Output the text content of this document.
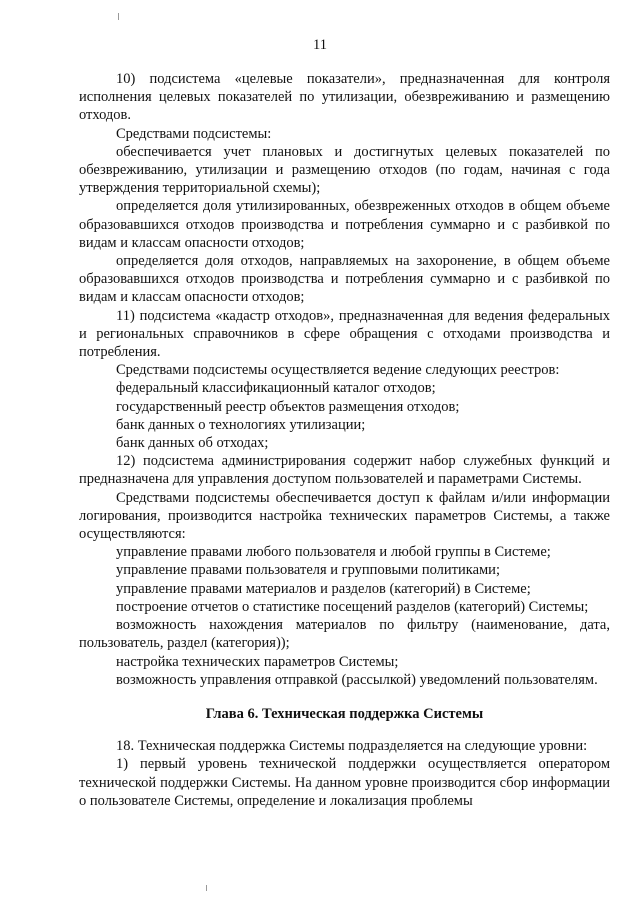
11

10) подсистема «целевые показатели», предназначенная для контроля исполнения целевых показателей по утилизации, обезвреживанию и размещению отходов.

Средствами подсистемы:

обеспечивается учет плановых и достигнутых целевых показателей по обезвреживанию, утилизации и размещению отходов (по годам, начиная с года утверждения территориальной схемы);

определяется доля утилизированных, обезвреженных отходов в общем объеме образовавшихся отходов производства и потребления суммарно и с разбивкой по видам и классам опасности отходов;

определяется доля отходов, направляемых на захоронение, в общем объеме образовавшихся отходов производства и потребления суммарно и с разбивкой по видам и классам опасности отходов;

11) подсистема «кадастр отходов», предназначенная для ведения федеральных и региональных справочников в сфере обращения с отходами производства и потребления.

Средствами подсистемы осуществляется ведение следующих реестров:

федеральный классификационный каталог отходов;

государственный реестр объектов размещения отходов;

банк данных о технологиях утилизации;

банк данных об отходах;

12) подсистема администрирования содержит набор служебных функций и предназначена для управления доступом пользователей и параметрами Системы.

Средствами подсистемы обеспечивается доступ к файлам и/или информации логирования, производится настройка технических параметров Системы, а также осуществляются:

управление правами любого пользователя и любой группы в Системе;

управление правами пользователя и групповыми политиками;

управление правами материалов и разделов (категорий) в Системе;

построение отчетов о статистике посещений разделов (категорий) Системы;

возможность нахождения материалов по фильтру (наименование, дата, пользователь, раздел (категория));

настройка технических параметров Системы;

возможность управления отправкой (рассылкой) уведомлений пользователям.

Глава 6. Техническая поддержка Системы

18. Техническая поддержка Системы подразделяется на следующие уровни:

1) первый уровень технической поддержки осуществляется оператором технической поддержки Системы. На данном уровне производится сбор информации о пользователе Системы, определение и локализация проблемы
